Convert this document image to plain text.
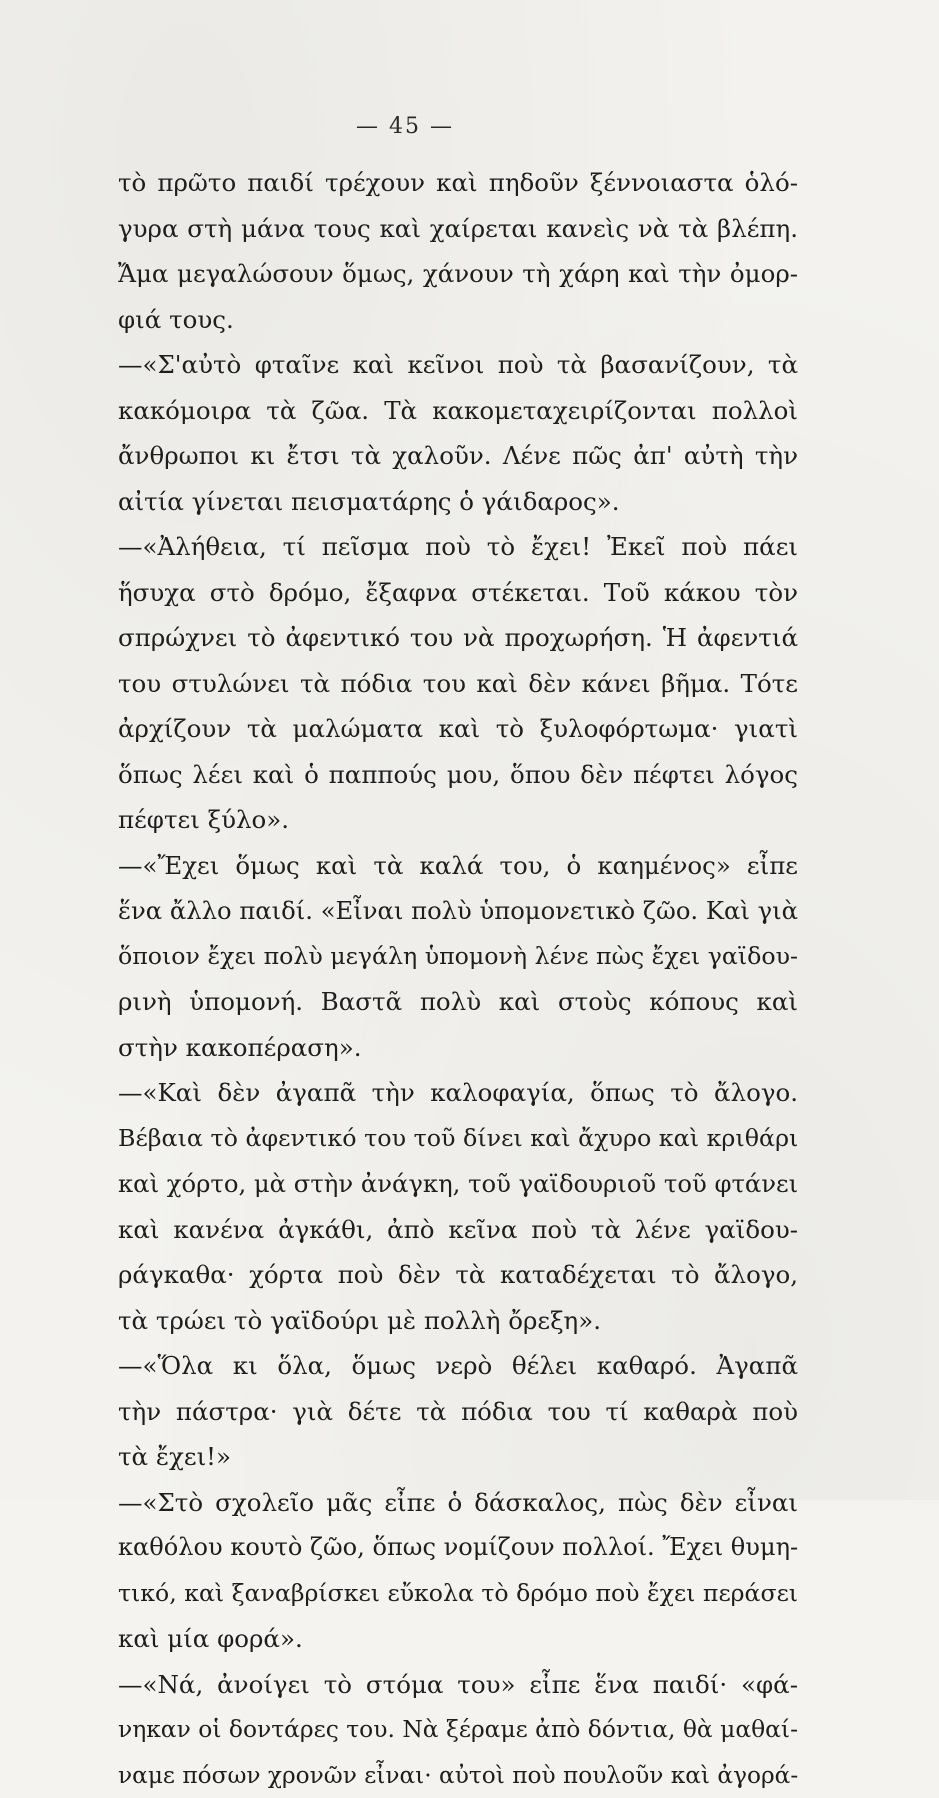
— 45 —
τὸ πρῶτο παιδί τρέχουν καὶ πηδοῦν ξέννοιαστα ὁλό-
γυρα στὴ μάνα τους καὶ χαίρεται κανεὶς νὰ τὰ βλέπη.
Ἄμα μεγαλώσουν ὅμως, χάνουν τὴ χάρη καὶ τὴν ὀμορ-
φιά τους.
—«Σ'αὐτὸ φταῖνε καὶ κεῖνοι ποὺ τὰ βασανίζουν, τὰ
κακόμοιρα τὰ ζῶα. Τὰ κακομεταχειρίζονται πολλοὶ
ἄνθρωποι κι ἔτσι τὰ χαλοῦν. Λένε πῶς ἀπ' αὐτὴ τὴν
αἰτία γίνεται πεισματάρης ὁ γάιδαρος».
—«Ἀλήθεια, τί πεῖσμα ποὺ τὸ ἔχει! Ἐκεῖ ποὺ πάει
ἥσυχα στὸ δρόμο, ἔξαφνα στέκεται. Τοῦ κάκου τὸν
σπρώχνει τὸ ἀφεντικό του νὰ προχωρήση. Ἡ ἀφεντιά
του στυλώνει τὰ πόδια του καὶ δὲν κάνει βῆμα. Τότε
ἀρχίζουν τὰ μαλώματα καὶ τὸ ξυλοφόρτωμα· γιατὶ
ὅπως λέει καὶ ὁ παππούς μου, ὅπου δὲν πέφτει λόγος
πέφτει ξύλο».
—«Ἔχει ὅμως καὶ τὰ καλά του, ὁ καημένος» εἶπε
ἕνα ἄλλο παιδί. «Εἶναι πολὺ ὑπομονετικὸ ζῶο. Καὶ γιὰ
ὅποιον ἔχει πολὺ μεγάλη ὑπομονὴ λένε πὼς ἔχει γαϊδου-
ρινὴ ὑπομονή. Βαστᾶ πολὺ καὶ στοὺς κόπους καὶ
στὴν κακοπέραση».
—«Καὶ δὲν ἀγαπᾶ τὴν καλοφαγία, ὅπως τὸ ἄλογο.
Βέβαια τὸ ἀφεντικό του τοῦ δίνει καὶ ἄχυρο καὶ κριθάρι
καὶ χόρτο, μὰ στὴν ἀνάγκη, τοῦ γαϊδουριοῦ τοῦ φτάνει
καὶ κανένα ἀγκάθι, ἀπὸ κεῖνα ποὺ τὰ λένε γαϊδου-
ράγκαθα· χόρτα ποὺ δὲν τὰ καταδέχεται τὸ ἄλογο,
τὰ τρώει τὸ γαϊδούρι μὲ πολλὴ ὄρεξη».
—«Ὅλα κι ὅλα, ὅμως νερὸ θέλει καθαρό. Ἀγαπᾶ
τὴν πάστρα· γιὰ δέτε τὰ πόδια του τί καθαρὰ ποὺ
τὰ ἔχει!»
—«Στὸ σχολεῖο μᾶς εἶπε ὁ δάσκαλος, πὼς δὲν εἶναι
καθόλου κουτὸ ζῶο, ὅπως νομίζουν πολλοί. Ἔχει θυμη-
τικό, καὶ ξαναβρίσκει εὔκολα τὸ δρόμο ποὺ ἔχει περάσει
καὶ μία φορά».
—«Νά, ἀνοίγει τὸ στόμα του» εἶπε ἕνα παιδί· «φά-
νηκαν οἱ δοντάρες του. Νὰ ξέραμε ἀπὸ δόντια, θὰ μαθαί-
ναμε πόσων χρονῶν εἶναι· αὐτοὶ ποὺ πουλοῦν καὶ ἀγορά-
